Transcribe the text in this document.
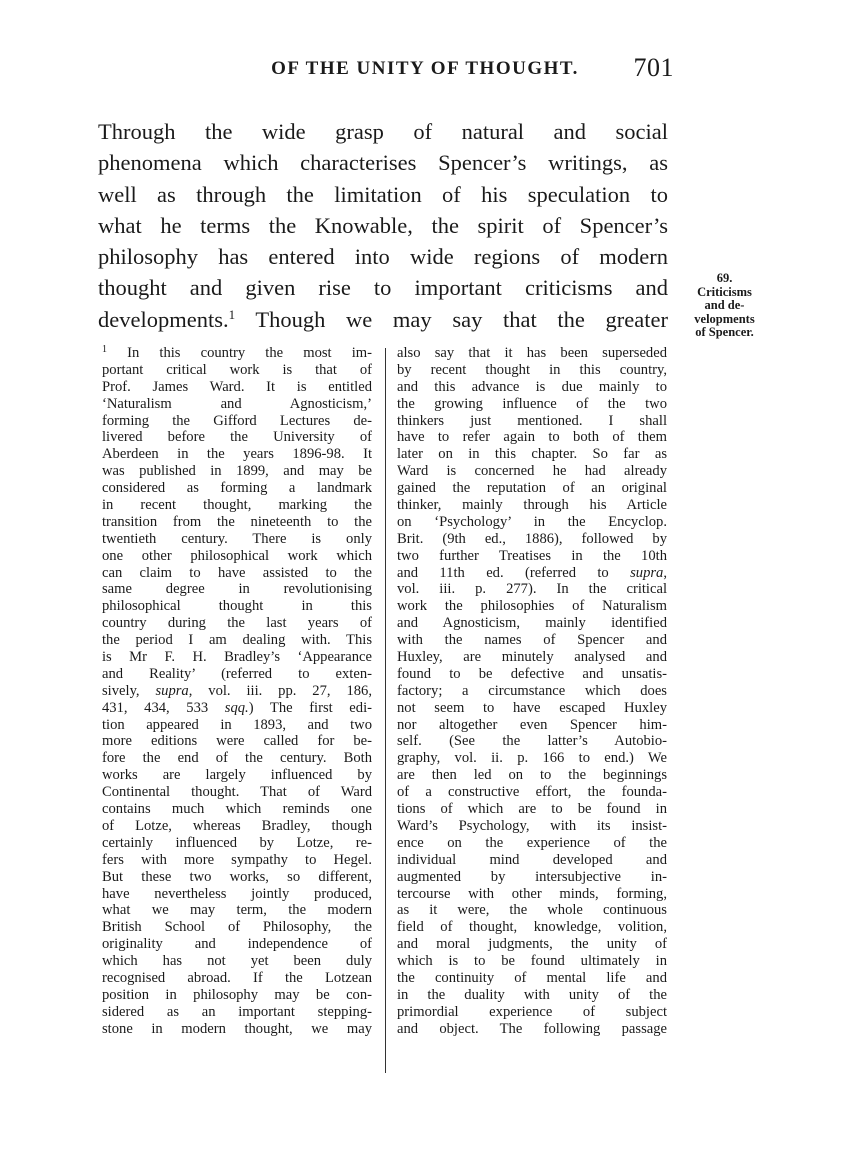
OF THE UNITY OF THOUGHT.	701
Through the wide grasp of natural and social
phenomena which characterises Spencer’s writings, as
well as through the limitation of his speculation to
what he terms the Knowable, the spirit of Spencer’s
philosophy has entered into wide regions of modern
thought and given rise to important criticisms and
developments.$^1$ Though we may say that the greater
69.
Criticisms
and de-
velopments
of Spencer.
$^1$ In this country the most im-
portant critical work is that of
Prof. James Ward. It is entitled
‘Naturalism and Agnosticism,’
forming the Gifford Lectures de-
livered before the University of
Aberdeen in the years 1896-98. It
was published in 1899, and may be
considered as forming a landmark
in recent thought, marking the
transition from the nineteenth to the
twentieth century. There is only
one other philosophical work which
can claim to have assisted to the
same degree in revolutionising
philosophical thought in this
country during the last years of
the period I am dealing with. This
is Mr F. H. Bradley’s ‘Appearance
and Reality’ (referred to exten-
sively, supra, vol. iii. pp. 27, 186,
431, 434, 533 sqq.) The first edi-
tion appeared in 1893, and two
more editions were called for be-
fore the end of the century. Both
works are largely influenced by
Continental thought. That of Ward
contains much which reminds one
of Lotze, whereas Bradley, though
certainly influenced by Lotze, re-
fers with more sympathy to Hegel.
But these two works, so different,
have nevertheless jointly produced,
what we may term, the modern
British School of Philosophy, the
originality and independence of
which has not yet been duly
recognised abroad. If the Lotzean
position in philosophy may be con-
sidered as an important stepping-
stone in modern thought, we may
also say that it has been superseded
by recent thought in this country,
and this advance is due mainly to
the growing influence of the two
thinkers just mentioned. I shall
have to refer again to both of them
later on in this chapter. So far as
Ward is concerned he had already
gained the reputation of an original
thinker, mainly through his Article
on ‘Psychology’ in the Encyclop.
Brit. (9th ed., 1886), followed by
two further Treatises in the 10th
and 11th ed. (referred to supra,
vol. iii. p. 277). In the critical
work the philosophies of Naturalism
and Agnosticism, mainly identified
with the names of Spencer and
Huxley, are minutely analysed and
found to be defective and unsatis-
factory; a circumstance which does
not seem to have escaped Huxley
nor altogether even Spencer him-
self. (See the latter’s Autobio-
graphy, vol. ii. p. 166 to end.) We
are then led on to the beginnings
of a constructive effort, the founda-
tions of which are to be found in
Ward’s Psychology, with its insist-
ence on the experience of the
individual mind developed and
augmented by intersubjective in-
tercourse with other minds, forming,
as it were, the whole continuous
field of thought, knowledge, volition,
and moral judgments, the unity of
which is to be found ultimately in
the continuity of mental life and
in the duality with unity of the
primordial experience of subject
and object. The following passage
